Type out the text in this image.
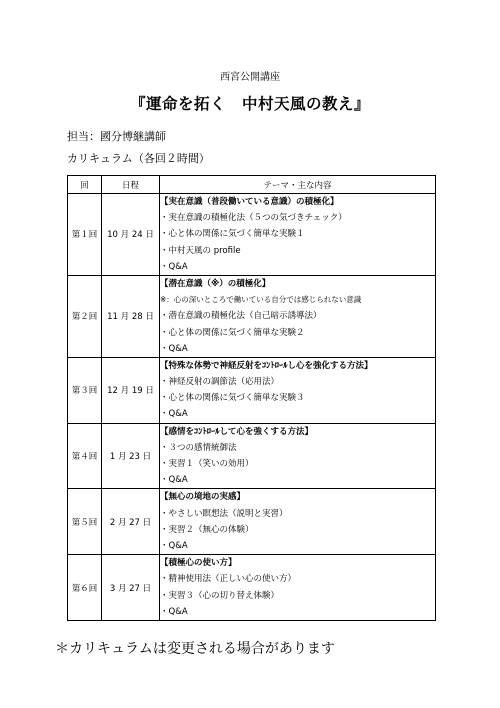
西宮公開講座
『運命を拓く　中村天風の教え』
担当：國分博継講師
カリキュラム（各回２時間）
回	日程	テーマ・主な内容
第１回	10 月 24 日	【実在意識（普段働いている意識）の積極化】
・実在意識の積極化法（５つの気づきチェック）
・心と体の関係に気づく簡単な実験１
・中村天風の profile
・Q&A

第２回	11 月 28 日	【潜在意識（※）の積極化】
※：心の深いところで働いている自分では感じられない意識
・潜在意識の積極化法（自己暗示誘導法）
・心と体の関係に気づく簡単な実験２
・Q&A

第３回	12 月 19 日	【特殊な体勢で神経反射をｺﾝﾄﾛｰﾙし心を強化する方法】
・神経反射の調節法（応用法）
・心と体の関係に気づく簡単な実験３
・Q&A

第４回	1 月 23 日	【感情をｺﾝﾄﾛｰﾙして心を強くする方法】
・３つの感情統御法
・実習１（笑いの効用）
・Q&A

第５回	2 月 27 日	【無心の境地の実感】
・やさしい瞑想法（説明と実習）
・実習２（無心の体験）
・Q&A

第６回	3 月 27 日	【積極心の使い方】
・精神使用法（正しい心の使い方）
・実習３（心の切り替え体験）
・Q&A
＊カリキュラムは変更される場合があります
